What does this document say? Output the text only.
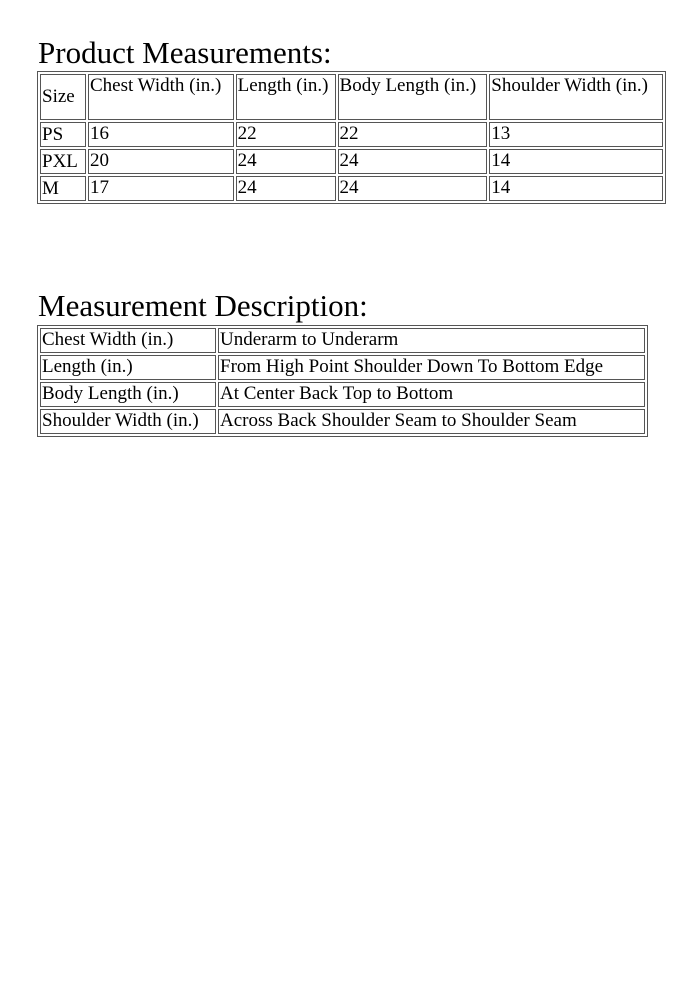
Product Measurements:
Size	Chest Width (in.)	Length (in.)	Body Length (in.)	Shoulder Width (in.)
PS	16	22	22	13
PXL	20	24	24	14
M	17	24	24	14
Measurement Description:
Chest Width (in.)	Underarm to Underarm
Length (in.)	From High Point Shoulder Down To Bottom Edge
Body Length (in.)	At Center Back Top to Bottom
Shoulder Width (in.)	Across Back Shoulder Seam to Shoulder Seam
